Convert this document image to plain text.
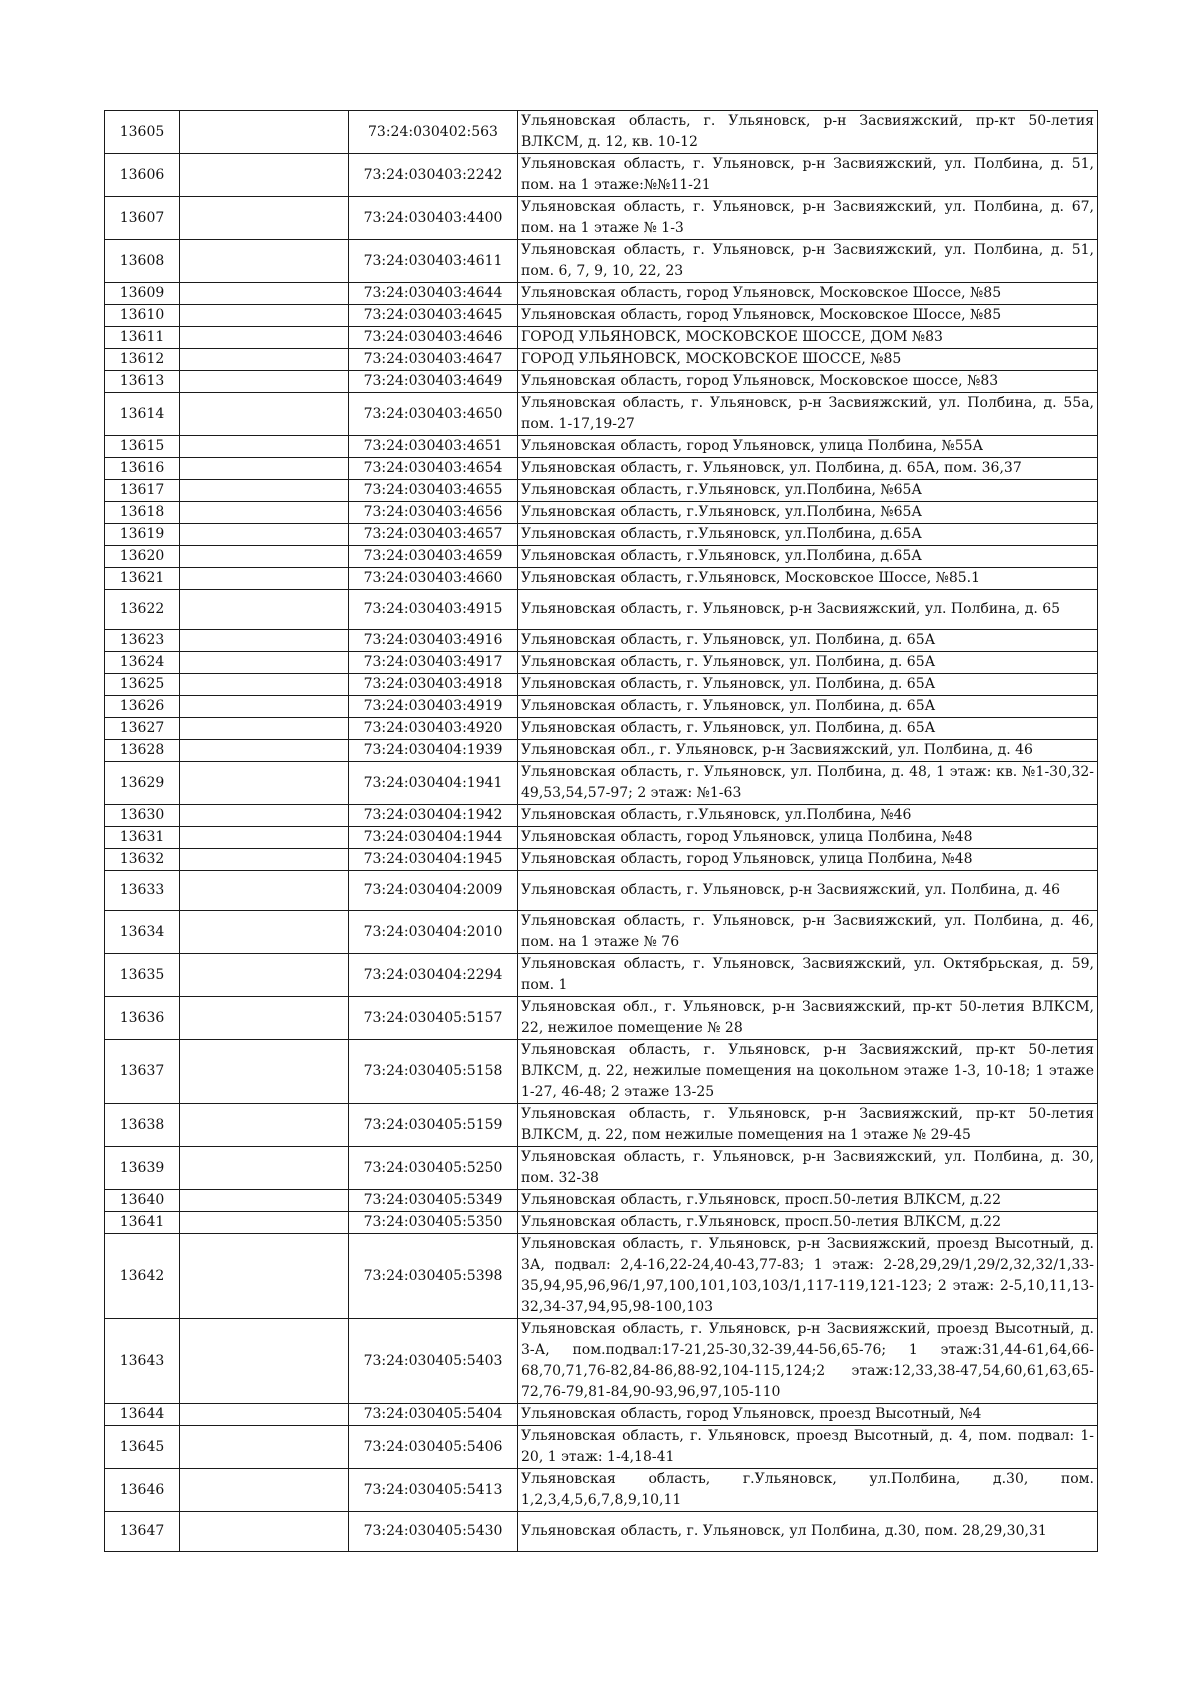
13605		73:24:030402:563	Ульяновская область, г. Ульяновск, р-н Засвияжский, пр-кт 50-летия ВЛКСМ, д. 12, кв. 10-12
13606		73:24:030403:2242	Ульяновская область, г. Ульяновск, р-н Засвияжский, ул. Полбина, д. 51, пом. на 1 этаже:№№11-21
13607		73:24:030403:4400	Ульяновская область, г. Ульяновск, р-н Засвияжский, ул. Полбина, д. 67, пом. на 1 этаже № 1-3
13608		73:24:030403:4611	Ульяновская область, г. Ульяновск, р-н Засвияжский, ул. Полбина, д. 51, пом. 6, 7, 9, 10, 22, 23
13609		73:24:030403:4644	Ульяновская область, город Ульяновск, Московское Шоссе, №85
13610		73:24:030403:4645	Ульяновская область, город Ульяновск, Московское Шоссе, №85
13611		73:24:030403:4646	ГОРОД УЛЬЯНОВСК, МОСКОВСКОЕ ШОССЕ, ДОМ №83
13612		73:24:030403:4647	ГОРОД УЛЬЯНОВСК, МОСКОВСКОЕ ШОССЕ, №85
13613		73:24:030403:4649	Ульяновская область, город Ульяновск, Московское шоссе, №83
13614		73:24:030403:4650	Ульяновская область, г. Ульяновск, р-н Засвияжский, ул. Полбина, д. 55а, пом. 1-17,19-27
13615		73:24:030403:4651	Ульяновская область, город Ульяновск, улица Полбина, №55А
13616		73:24:030403:4654	Ульяновская область, г. Ульяновск, ул. Полбина, д. 65А, пом. 36,37
13617		73:24:030403:4655	Ульяновская область, г.Ульяновск, ул.Полбина, №65А
13618		73:24:030403:4656	Ульяновская область, г.Ульяновск, ул.Полбина, №65А
13619		73:24:030403:4657	Ульяновская область, г.Ульяновск, ул.Полбина, д.65А
13620		73:24:030403:4659	Ульяновская область, г.Ульяновск, ул.Полбина, д.65А
13621		73:24:030403:4660	Ульяновская область, г.Ульяновск, Московское Шоссе, №85.1
13622		73:24:030403:4915	Ульяновская область, г. Ульяновск, р-н Засвияжский, ул. Полбина, д. 65
13623		73:24:030403:4916	Ульяновская область, г. Ульяновск, ул. Полбина, д. 65А
13624		73:24:030403:4917	Ульяновская область, г. Ульяновск, ул. Полбина, д. 65А
13625		73:24:030403:4918	Ульяновская область, г. Ульяновск, ул. Полбина, д. 65А
13626		73:24:030403:4919	Ульяновская область, г. Ульяновск, ул. Полбина, д. 65А
13627		73:24:030403:4920	Ульяновская область, г. Ульяновск, ул. Полбина, д. 65А
13628		73:24:030404:1939	Ульяновская обл., г. Ульяновск, р-н Засвияжский, ул. Полбина, д. 46
13629		73:24:030404:1941	Ульяновская область, г. Ульяновск, ул. Полбина, д. 48, 1 этаж: кв. №1-30,32-49,53,54,57-97; 2 этаж: №1-63
13630		73:24:030404:1942	Ульяновская область, г.Ульяновск, ул.Полбина, №46
13631		73:24:030404:1944	Ульяновская область, город Ульяновск, улица Полбина, №48
13632		73:24:030404:1945	Ульяновская область, город Ульяновск, улица Полбина, №48
13633		73:24:030404:2009	Ульяновская область, г. Ульяновск, р-н Засвияжский, ул. Полбина, д. 46
13634		73:24:030404:2010	Ульяновская область, г. Ульяновск, р-н Засвияжский, ул. Полбина, д. 46, пом. на 1 этаже № 76
13635		73:24:030404:2294	Ульяновская область, г. Ульяновск, Засвияжский, ул. Октябрьская, д. 59, пом. 1
13636		73:24:030405:5157	Ульяновская обл., г. Ульяновск, р-н Засвияжский, пр-кт 50-летия ВЛКСМ, 22, нежилое помещение № 28
13637		73:24:030405:5158	Ульяновская область, г. Ульяновск, р-н Засвияжский, пр-кт 50-летия ВЛКСМ, д. 22, нежилые помещения на цокольном этаже 1-3, 10-18; 1 этаже 1-27, 46-48; 2 этаже 13-25
13638		73:24:030405:5159	Ульяновская область, г. Ульяновск, р-н Засвияжский, пр-кт 50-летия ВЛКСМ, д. 22, пом нежилые помещения на 1 этаже № 29-45
13639		73:24:030405:5250	Ульяновская область, г. Ульяновск, р-н Засвияжский, ул. Полбина, д. 30, пом. 32-38
13640		73:24:030405:5349	Ульяновская область, г.Ульяновск, просп.50-летия ВЛКСМ, д.22
13641		73:24:030405:5350	Ульяновская область, г.Ульяновск, просп.50-летия ВЛКСМ, д.22
13642		73:24:030405:5398	Ульяновская область, г. Ульяновск, р-н Засвияжский, проезд Высотный, д. 3А, подвал: 2,4-16,22-24,40-43,77-83; 1 этаж: 2-28,29,29/1,29/2,32,32/1,33-35,94,95,96,96/1,97,100,101,103,103/1,117-119,121-123; 2 этаж: 2-5,10,11,13-32,34-37,94,95,98-100,103
13643		73:24:030405:5403	Ульяновская область, г. Ульяновск, р-н Засвияжский, проезд Высотный, д. 3-А, пом.подвал:17-21,25-30,32-39,44-56,65-76; 1 этаж:31,44-61,64,66-68,70,71,76-82,84-86,88-92,104-115,124;2 этаж:12,33,38-47,54,60,61,63,65-72,76-79,81-84,90-93,96,97,105-110
13644		73:24:030405:5404	Ульяновская область, город Ульяновск, проезд Высотный, №4
13645		73:24:030405:5406	Ульяновская область, г. Ульяновск, проезд Высотный, д. 4, пом. подвал: 1-20, 1 этаж: 1-4,18-41
13646		73:24:030405:5413	Ульяновская область, г.Ульяновск, ул.Полбина, д.30, пом. 1,2,3,4,5,6,7,8,9,10,11
13647		73:24:030405:5430	Ульяновская область, г. Ульяновск, ул Полбина, д.30, пом. 28,29,30,31
